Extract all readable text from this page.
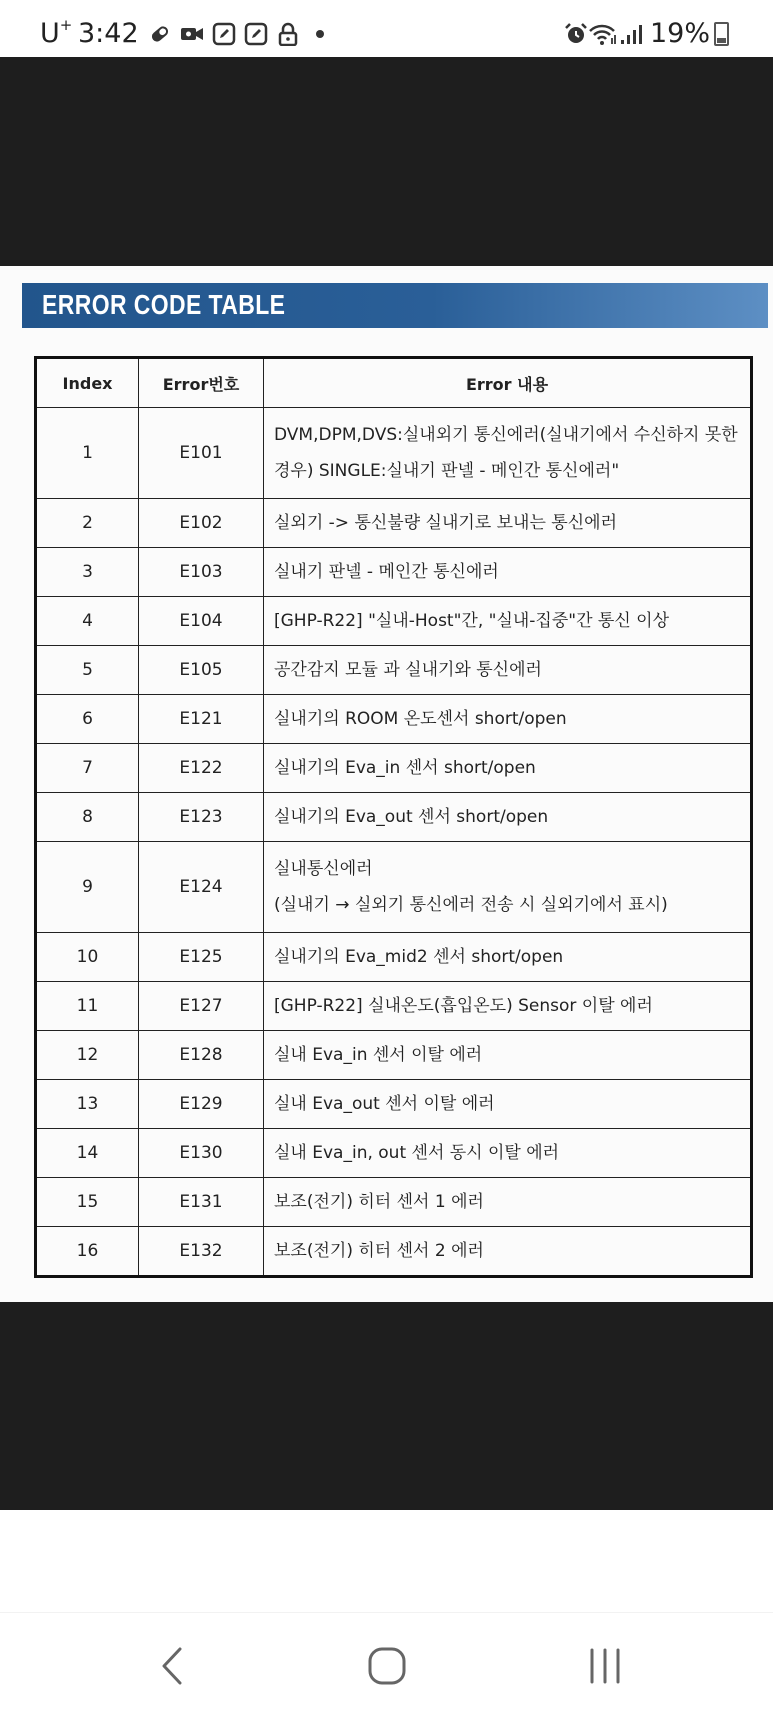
U+ 3:42	19%
ERROR CODE TABLE
Index	Error번호	Error 내용
1	E101	DVM,DPM,DVS:실내외기 통신에러(실내기에서 수신하지 못한 경우) SINGLE:실내기 판넬 - 메인간 통신에러"
2	E102	실외기 -> 통신불량 실내기로 보내는 통신에러
3	E103	실내기 판넬 - 메인간 통신에러
4	E104	[GHP-R22] "실내-Host"간, "실내-집중"간 통신 이상
5	E105	공간감지 모듈 과 실내기와 통신에러
6	E121	실내기의 ROOM 온도센서 short/open
7	E122	실내기의 Eva_in 센서 short/open
8	E123	실내기의 Eva_out 센서 short/open
9	E124	실내통신에러
(실내기 → 실외기 통신에러 전송 시 실외기에서 표시)

10	E125	실내기의 Eva_mid2 센서 short/open
11	E127	[GHP-R22] 실내온도(흡입온도) Sensor 이탈 에러
12	E128	실내 Eva_in 센서 이탈 에러
13	E129	실내 Eva_out 센서 이탈 에러
14	E130	실내 Eva_in, out 센서 동시 이탈 에러
15	E131	보조(전기) 히터 센서 1 에러
16	E132	보조(전기) 히터 센서 2 에러
